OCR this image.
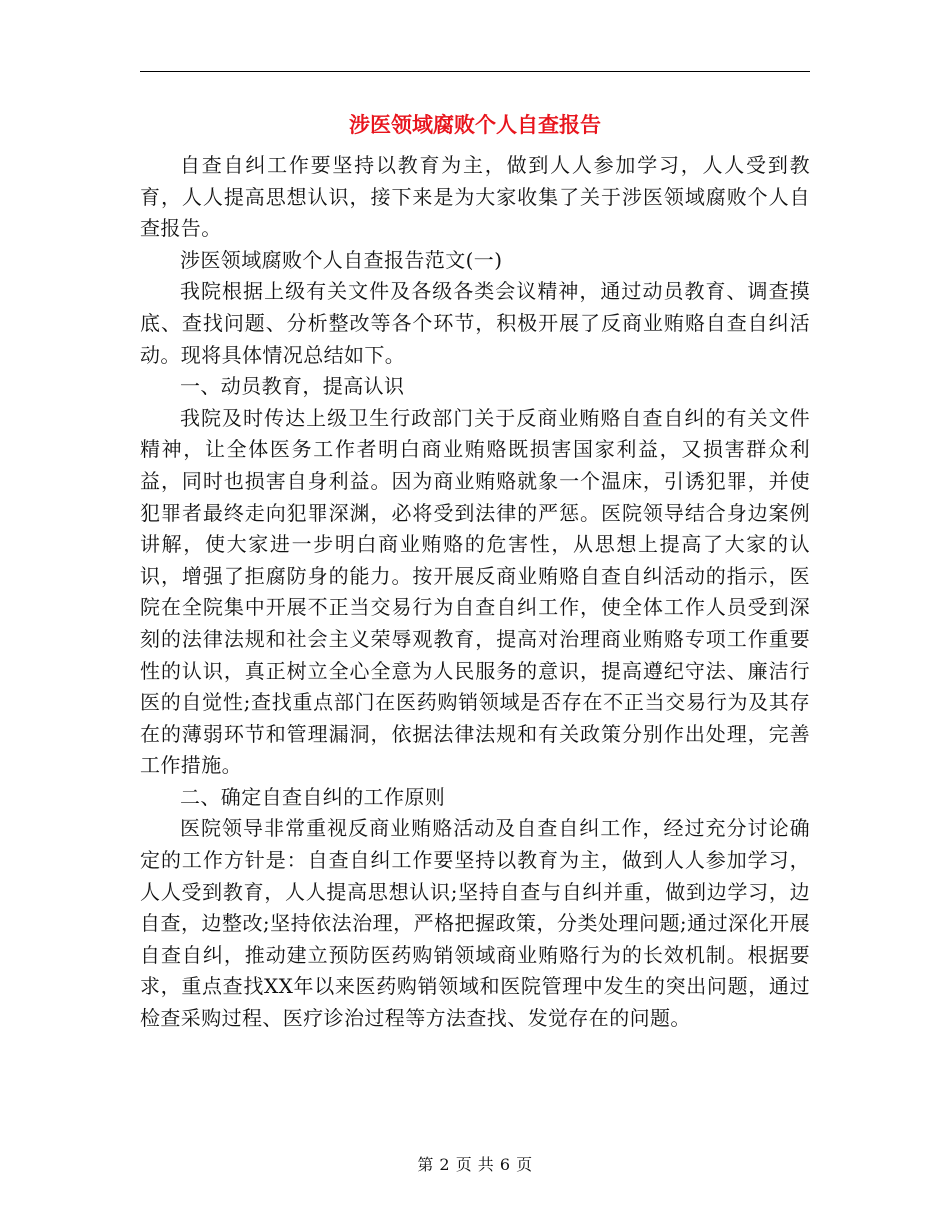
涉医领域腐败个人自查报告

自查自纠工作要坚持以教育为主，做到人人参加学习，人人受到教育，人人提高思想认识，接下来是为大家收集了关于涉医领域腐败个人自查报告。

涉医领域腐败个人自查报告范文(一)

我院根据上级有关文件及各级各类会议精神，通过动员教育、调查摸底、查找问题、分析整改等各个环节，积极开展了反商业贿赂自查自纠活动。现将具体情况总结如下。

一、动员教育，提高认识

我院及时传达上级卫生行政部门关于反商业贿赂自查自纠的有关文件精神，让全体医务工作者明白商业贿赂既损害国家利益，又损害群众利益，同时也损害自身利益。因为商业贿赂就象一个温床，引诱犯罪，并使犯罪者最终走向犯罪深渊，必将受到法律的严惩。医院领导结合身边案例讲解，使大家进一步明白商业贿赂的危害性，从思想上提高了大家的认识，增强了拒腐防身的能力。按开展反商业贿赂自查自纠活动的指示，医院在全院集中开展不正当交易行为自查自纠工作，使全体工作人员受到深刻的法律法规和社会主义荣辱观教育，提高对治理商业贿赂专项工作重要性的认识，真正树立全心全意为人民服务的意识，提高遵纪守法、廉洁行医的自觉性;查找重点部门在医药购销领域是否存在不正当交易行为及其存在的薄弱环节和管理漏洞，依据法律法规和有关政策分别作出处理，完善工作措施。

二、确定自查自纠的工作原则

医院领导非常重视反商业贿赂活动及自查自纠工作，经过充分讨论确定的工作方针是：自查自纠工作要坚持以教育为主，做到人人参加学习，人人受到教育，人人提高思想认识;坚持自查与自纠并重，做到边学习，边自查，边整改;坚持依法治理，严格把握政策，分类处理问题;通过深化开展自查自纠，推动建立预防医药购销领域商业贿赂行为的长效机制。根据要求，重点查找XX年以来医药购销领域和医院管理中发生的突出问题，通过检查采购过程、医疗诊治过程等方法查找、发觉存在的问题。

第 2 页 共 6 页
